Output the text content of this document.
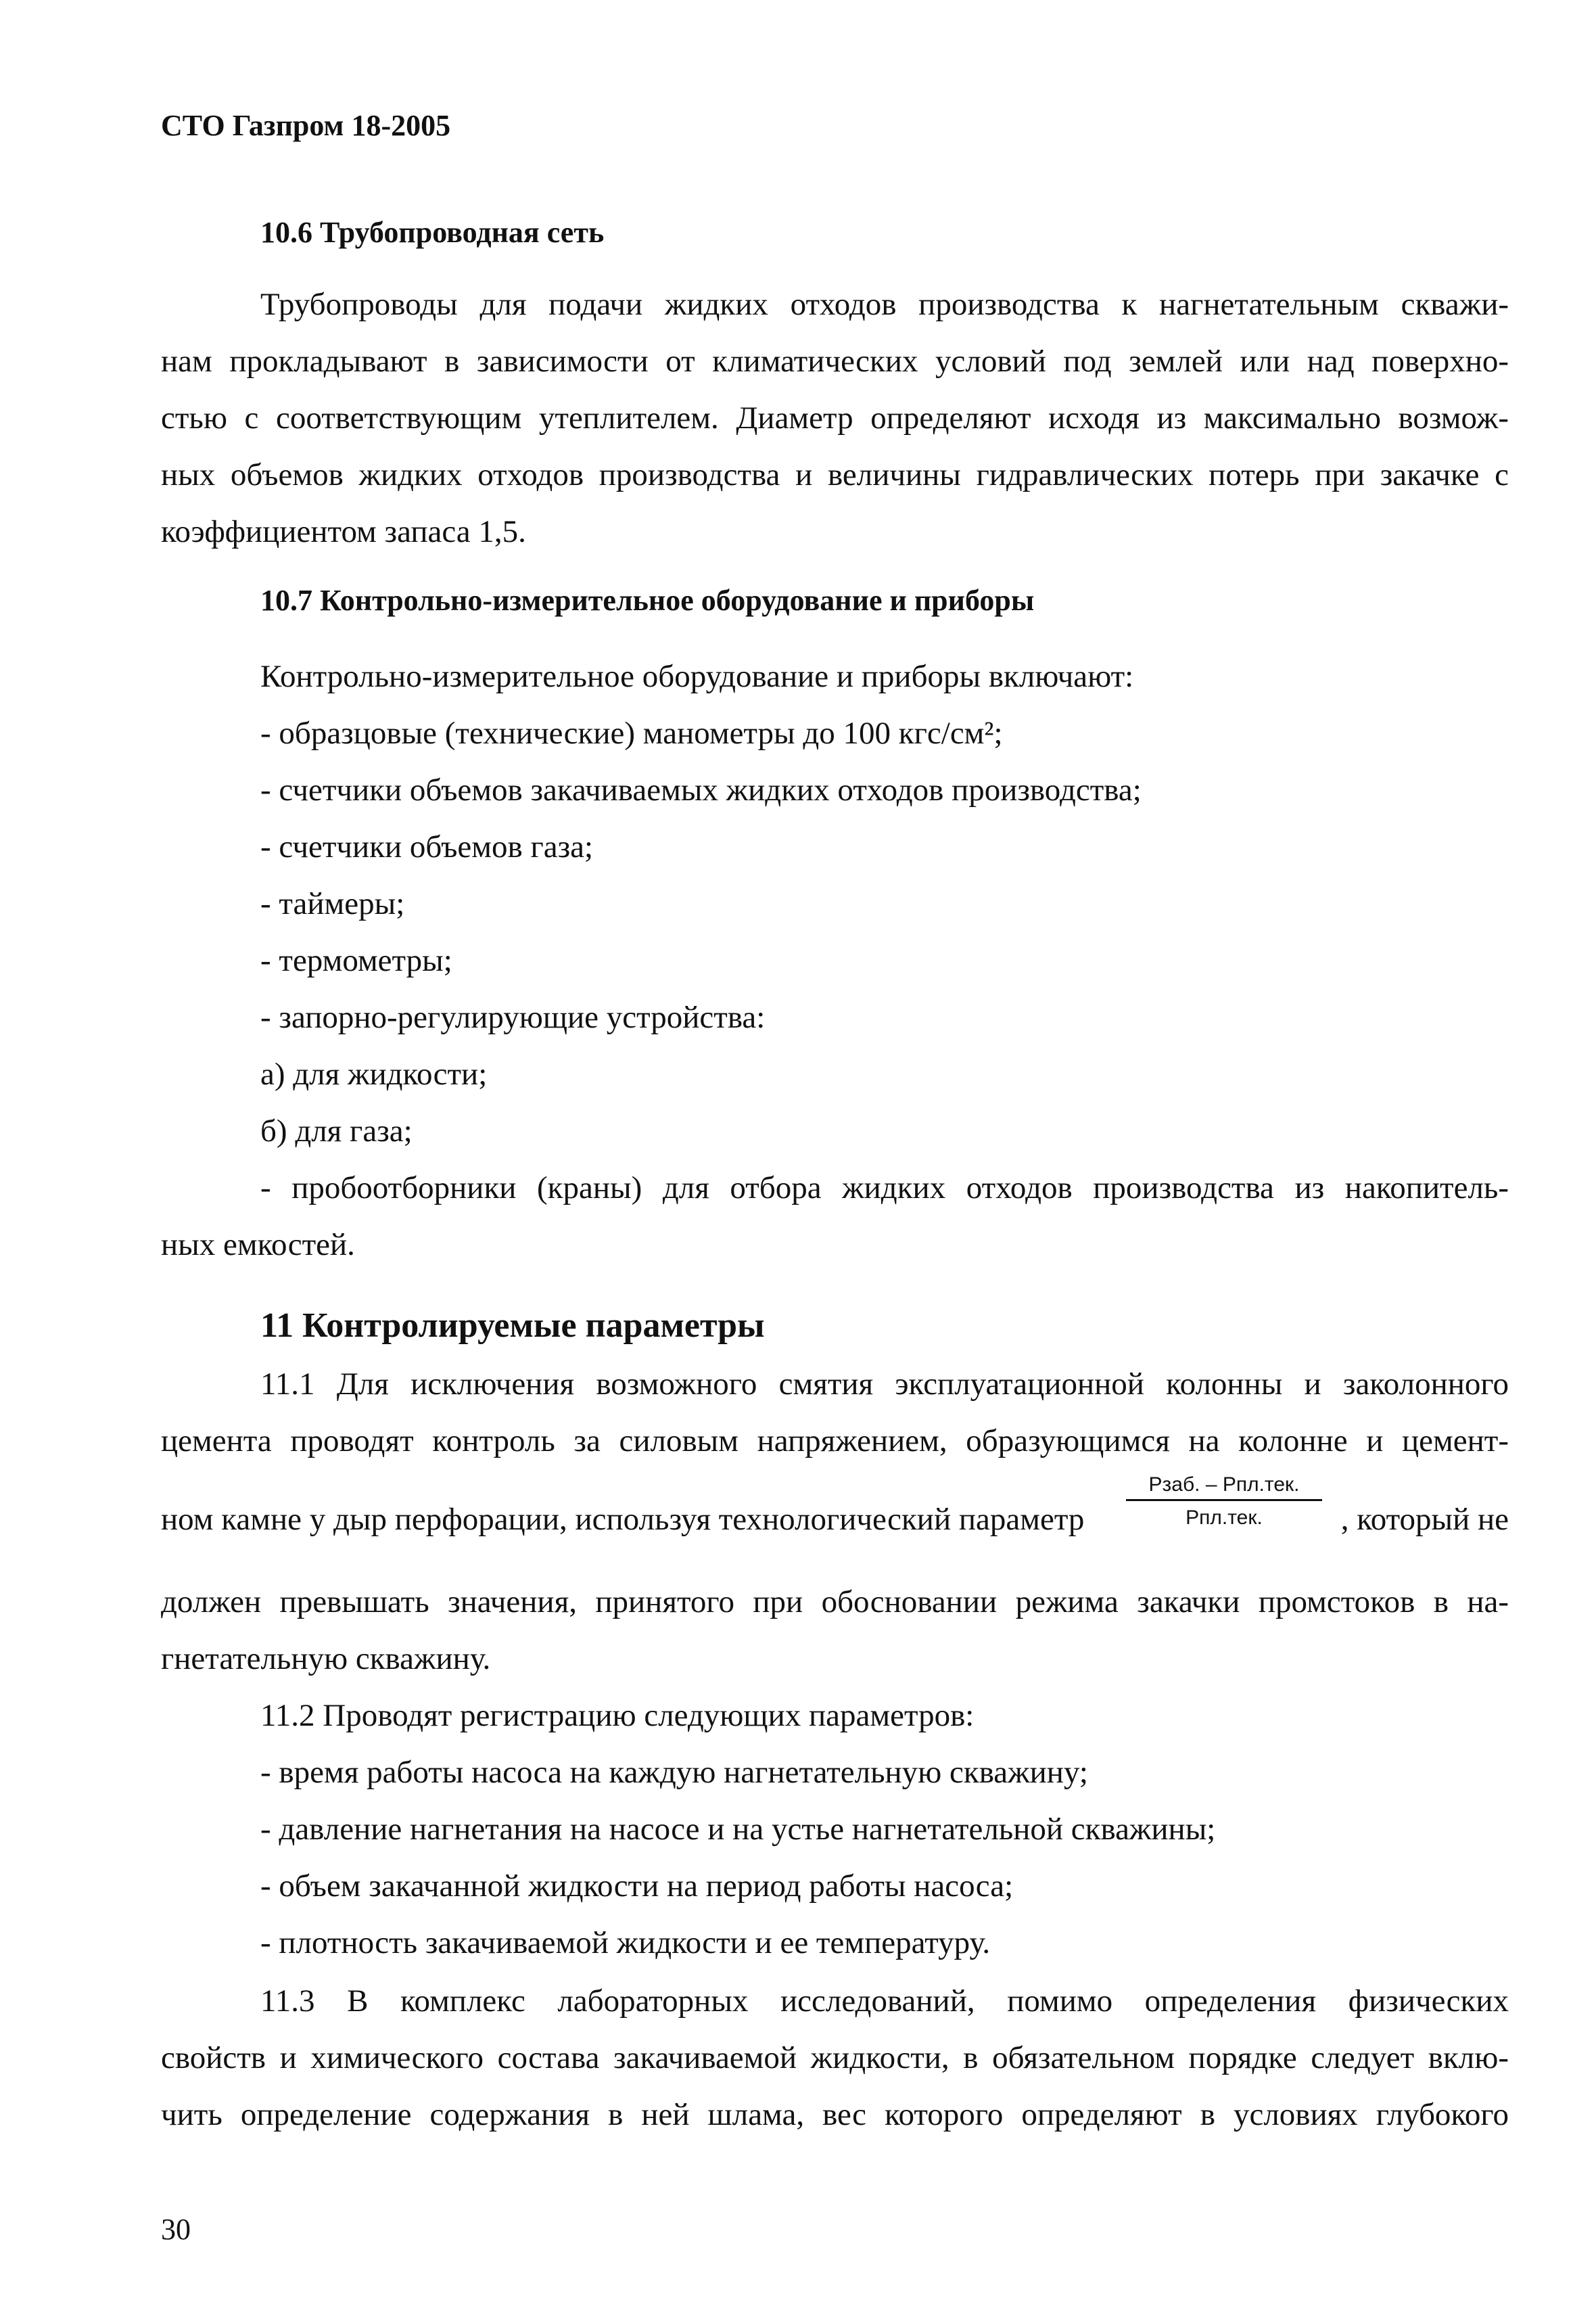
СТО Газпром 18-2005
10.6 Трубопроводная сеть
Трубопроводы для подачи жидких отходов производства к нагнетательным скважи-
нам прокладывают в зависимости от климатических условий под землей или над поверхно-
стью с соответствующим утеплителем. Диаметр определяют исходя из максимально возмож-
ных объемов жидких отходов производства и величины гидравлических потерь при закачке с
коэффициентом запаса 1,5.
10.7 Контрольно-измерительное оборудование и приборы
Контрольно-измерительное оборудование и приборы включают:
- образцовые (технические) манометры до 100 кгс/см²;
- счетчики объемов закачиваемых жидких отходов производства;
- счетчики объемов газа;
- таймеры;
- термометры;
- запорно-регулирующие устройства:
а) для жидкости;
б) для газа;
- пробоотборники (краны) для отбора жидких отходов производства из накопитель-
ных емкостей.
11 Контролируемые параметры
11.1 Для исключения возможного смятия эксплуатационной колонны и заколонного
цемента проводят контроль за силовым напряжением, образующимся на колонне и цемент-
ном камне у дыр перфорации, используя технологический параметр
Pзаб. – Pпл.тек.
Pпл.тек.	, который не
должен превышать значения, принятого при обосновании режима закачки промстоков в на-
гнетательную скважину.
11.2 Проводят регистрацию следующих параметров:
- время работы насоса на каждую нагнетательную скважину;
- давление нагнетания на насосе и на устье нагнетательной скважины;
- объем закачанной жидкости на период работы насоса;
- плотность закачиваемой жидкости и ее температуру.
11.3 В комплекс лабораторных исследований, помимо определения физических
свойств и химического состава закачиваемой жидкости, в обязательном порядке следует вклю-
чить определение содержания в ней шлама, вес которого определяют в условиях глубокого
30
